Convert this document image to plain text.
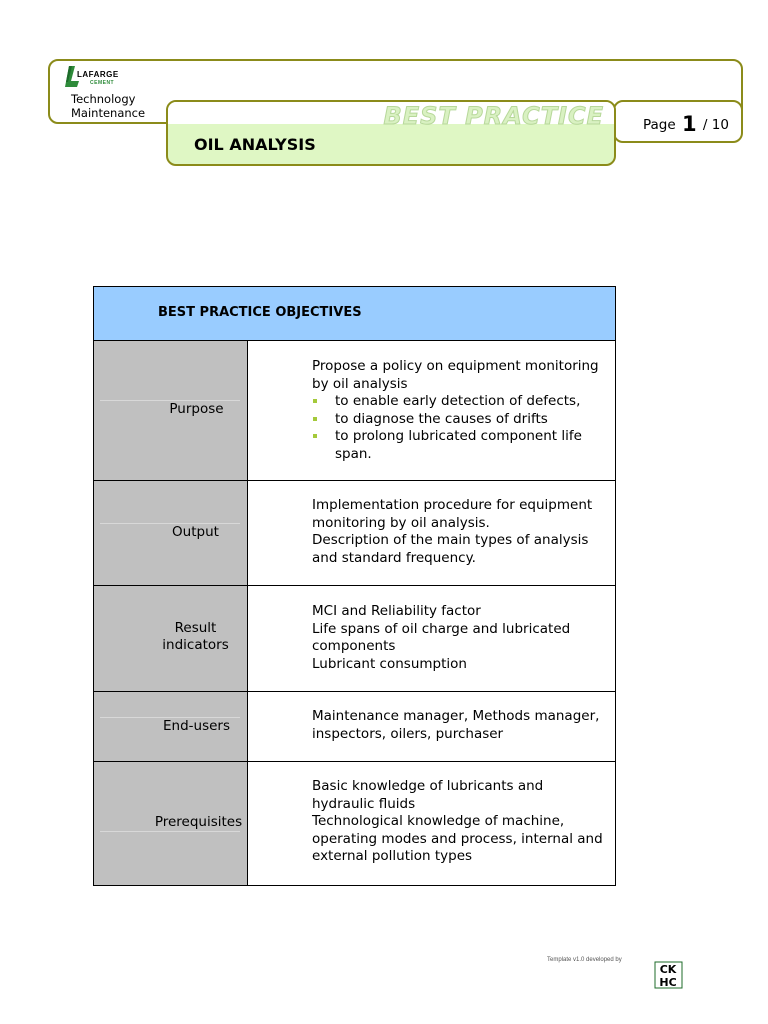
BEST PRACTICE
OIL ANALYSIS
LAFARGE
CEMENT
Technology
Maintenance
Page 1 / 10
BEST PRACTICE OBJECTIVES
Purpose
Propose a policy on equipment monitoring by oil analysis
to enable early detection of defects,
to diagnose the causes of drifts
to prolong lubricated component life span.
Output
Implementation procedure for equipment monitoring by oil analysis.
Description of the main types of analysis and standard frequency.
Result
indicators
MCI and Reliability factor
Life spans of oil charge and lubricated components
Lubricant consumption
End-users
Maintenance manager, Methods manager, inspectors, oilers, purchaser
Prerequisites
Basic knowledge of lubricants and hydraulic fluids
Technological knowledge of machine, operating modes and process, internal and external pollution types
Template v1.0 developed by
CK
HC
